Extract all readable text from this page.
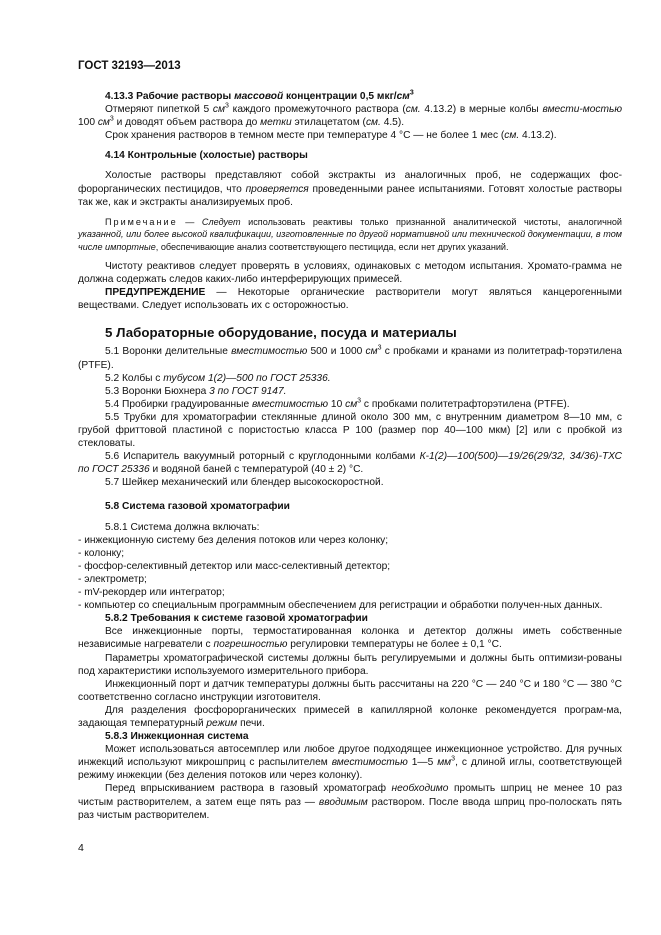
ГОСТ 32193—2013

4.13.3 Рабочие растворы массовой концентрации 0,5 мкг/$см^3$

Отмеряют пипеткой 5 $см^3$ каждого промежуточного раствора (см. 4.13.2) в мерные колбы вмести-мостью 100 $см^3$ и доводят объем раствора до метки этилацетатом (см. 4.5).

Срок хранения растворов в темном месте при температуре 4 °С — не более 1 мес (см. 4.13.2).

4.14 Контрольные (холостые) растворы

Холостые растворы представляют собой экстракты из аналогичных проб, не содержащих фос-форорганических пестицидов, что проверяется проведенными ранее испытаниями. Готовят холостые растворы так же, как и экстракты анализируемых проб.

Примечание — Следует использовать реактивы только признанной аналитической чистоты, аналогичной указанной, или более высокой квалификации, изготовленные по другой нормативной или технической документации, в том числе импортные, обеспечивающие анализ соответствующего пестицида, если нет других указаний.

Чистоту реактивов следует проверять в условиях, одинаковых с методом испытания. Хромато-грамма не должна содержать следов каких-либо интерферирующих примесей.

ПРЕДУПРЕЖДЕНИЕ — Некоторые органические растворители могут являться канцерогенными веществами. Следует использовать их с осторожностью.

5 Лабораторные оборудование, посуда и материалы

5.1 Воронки делительные вместимостью 500 и 1000 $см^3$ с пробками и кранами из политетраф-торэтилена (PTFE).

5.2 Колбы с тубусом 1(2)—500 по ГОСТ 25336.

5.3 Воронки Бюхнера 3 по ГОСТ 9147.

5.4 Пробирки градуированные вместимостью 10 $см^3$ с пробками политетрафторэтилена (PTFE).

5.5 Трубки для хроматографии стеклянные длиной около 300 мм, с внутренним диаметром 8—10 мм, с грубой фриттовой пластиной с пористостью класса Р 100 (размер пор 40—100 мкм) [2] или с пробкой из стекловаты.

5.6 Испаритель вакуумный роторный с круглодонными колбами К-1(2)—100(500)—19/26(29/32, 34/36)-ТХС по ГОСТ 25336 и водяной баней с температурой (40 ± 2) °С.

5.7 Шейкер механический или блендер высокоскоростной.

5.8 Система газовой хроматографии

5.8.1 Система должна включать:

- инжекционную систему без деления потоков или через колонку;

- колонку;

- фосфор-селективный детектор или масс-селективный детектор;

- электрометр;

- mV-рекордер или интегратор;

- компьютер со специальным программным обеспечением для регистрации и обработки получен-ных данных.

5.8.2 Требования к системе газовой хроматографии

Все инжекционные порты, термостатированная колонка и детектор должны иметь собственные независимые нагреватели с погрешностью регулировки температуры не более ± 0,1 °С.

Параметры хроматографической системы должны быть регулируемыми и должны быть оптимизи-рованы под характеристики используемого измерительного прибора.

Инжекционный порт и датчик температуры должны быть рассчитаны на 220 °С — 240 °С и 180 °С — 380 °С соответственно согласно инструкции изготовителя.

Для разделения фосфорорганических примесей в капиллярной колонке рекомендуется програм-ма, задающая температурный режим печи.

5.8.3 Инжекционная система

Может использоваться автосемплер или любое другое подходящее инжекционное устройство. Для ручных инжекций используют микрошприц с распылителем вместимостью 1—5 $мм^3$, с длиной иглы, соответствующей режиму инжекции (без деления потоков или через колонку).

Перед впрыскиванием раствора в газовый хроматограф необходимо промыть шприц не менее 10 раз чистым растворителем, а затем еще пять раз — вводимым раствором. После ввода шприц про-полоскать пять раз чистым растворителем.

4
